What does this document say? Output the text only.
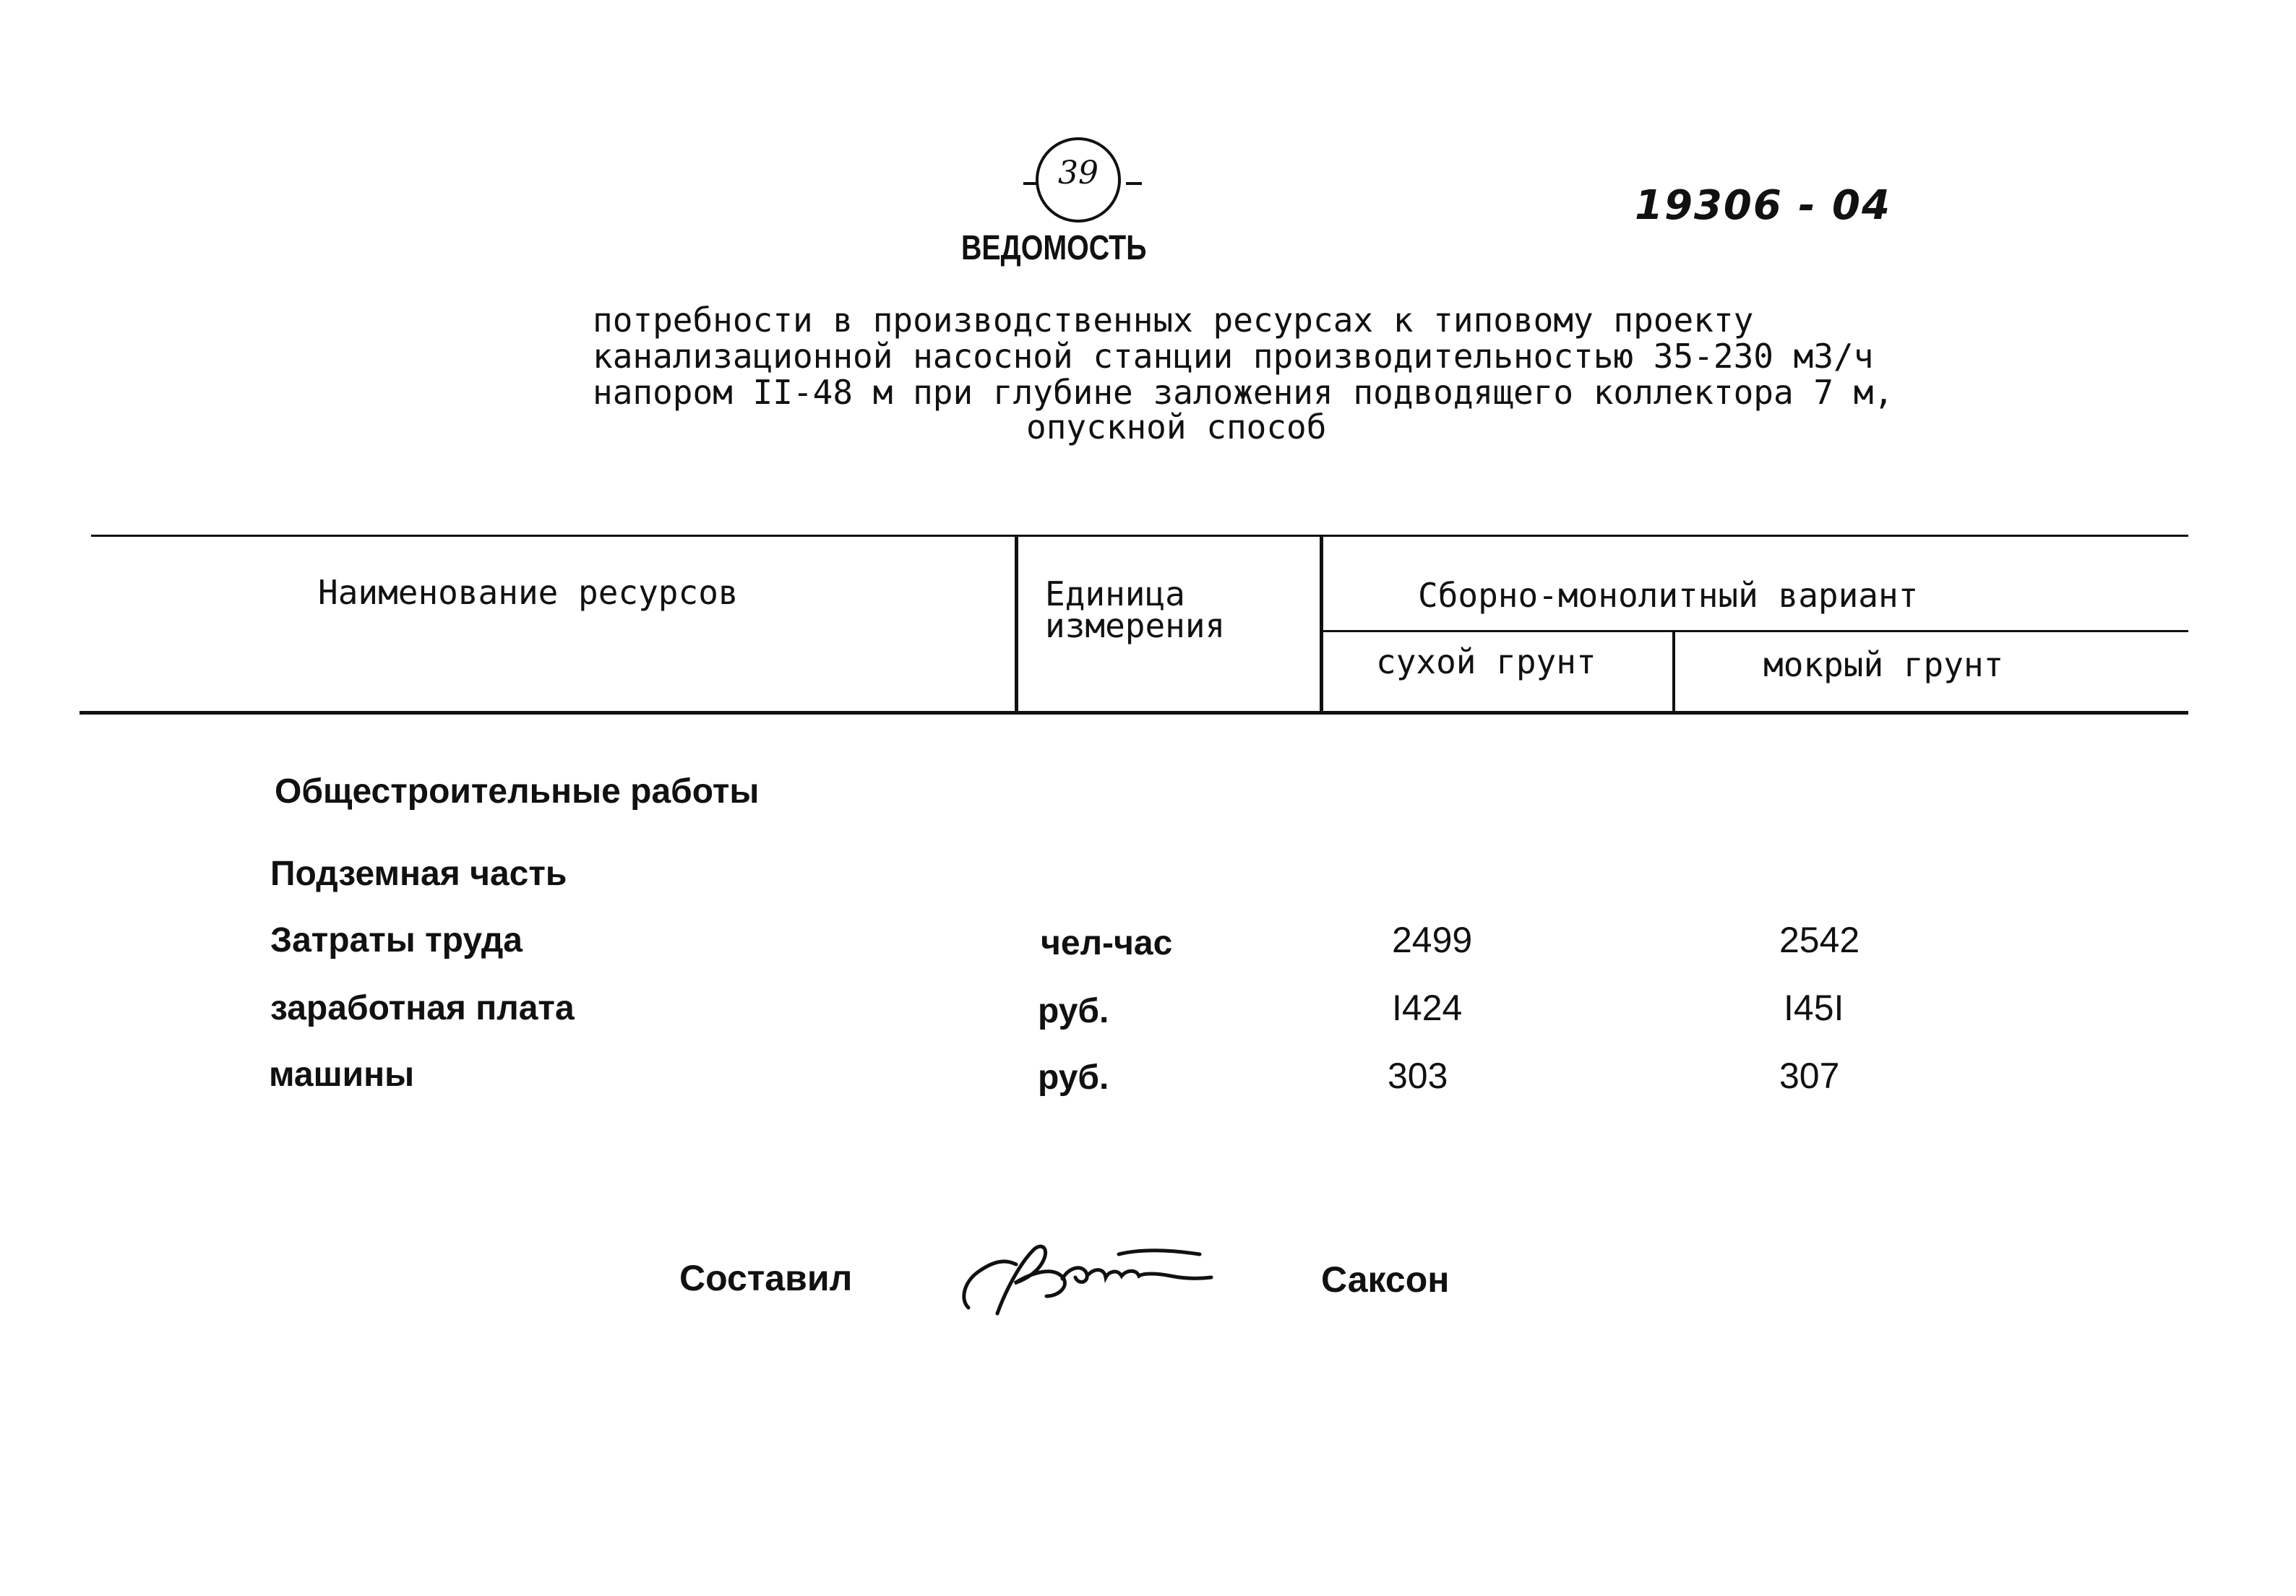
39
19306 - 04
ВЕДОМОСТЬ
потребности в производственных ресурсах к типовому проекту
канализационной насосной станции производительностью 35-230 м3/ч
напором II-48 м при глубине заложения подводящего коллектора 7 м,
опускной способ
Наименование ресурсов	Единица
измерения
Сборно-монолитный вариант
сухой грунт	мокрый грунт
Общестроительные работы
Подземная часть
Затраты труда	чел-час	2499	2542
заработная плата	руб.	I424	I45I
машины	руб.	303	307
Составил	Саксон
